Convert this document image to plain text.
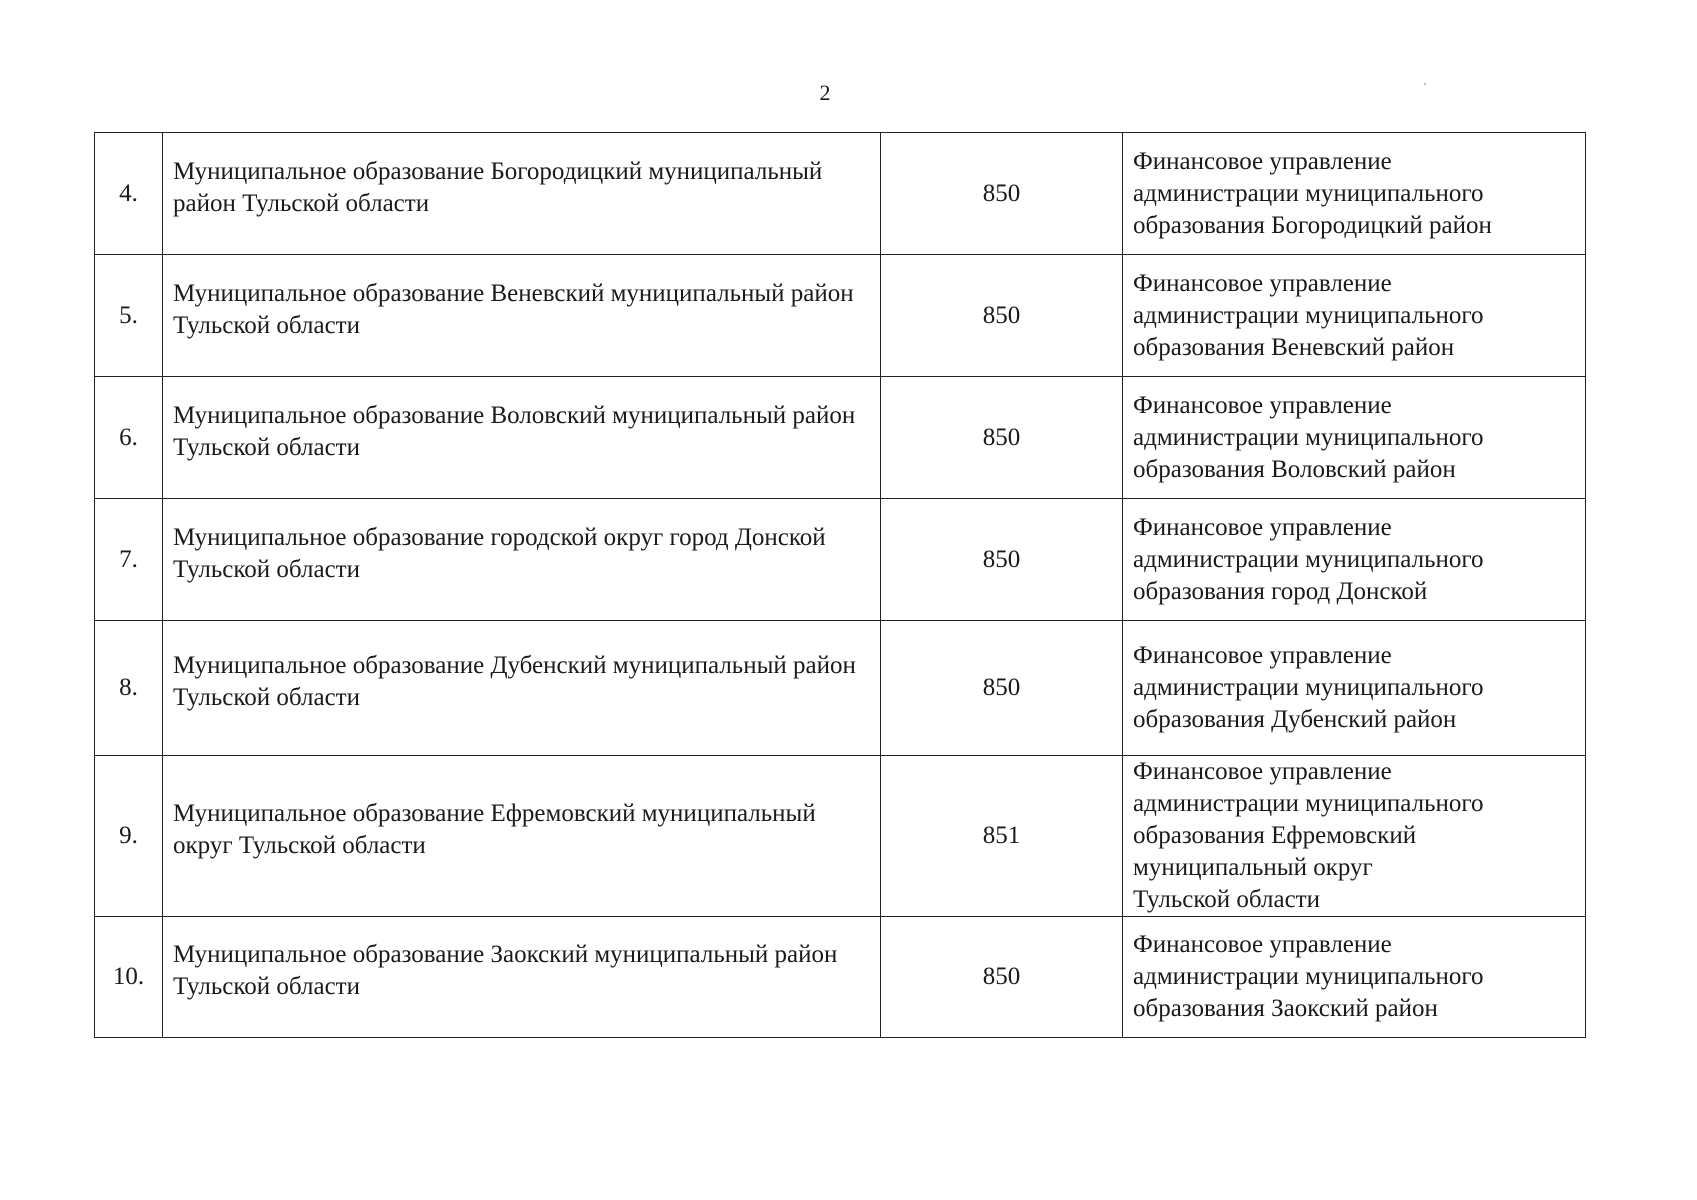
2
4.	Муниципальное образование Богородицкий муниципальный район Тульской области	850	Финансовое управление
администрации муниципального
образования Богородицкий район

5.	Муниципальное образование Веневский муниципальный район Тульской области	850	Финансовое управление
администрации муниципального
образования Веневский район

6.	Муниципальное образование Воловский муниципальный район Тульской области	850	Финансовое управление
администрации муниципального
образования Воловский район

7.	Муниципальное образование городской округ город Донской Тульской области	850	Финансовое управление
администрации муниципального
образования город Донской

8.	Муниципальное образование Дубенский муниципальный район Тульской области	850	Финансовое управление
администрации муниципального
образования Дубенский район

9.	Муниципальное образование Ефремовский муниципальный округ Тульской области	851	Финансовое управление
администрации муниципального
образования Ефремовский
муниципальный округ
Тульской области

10.	Муниципальное образование Заокский муниципальный район Тульской области	850	Финансовое управление
администрации муниципального
образования Заокский район
